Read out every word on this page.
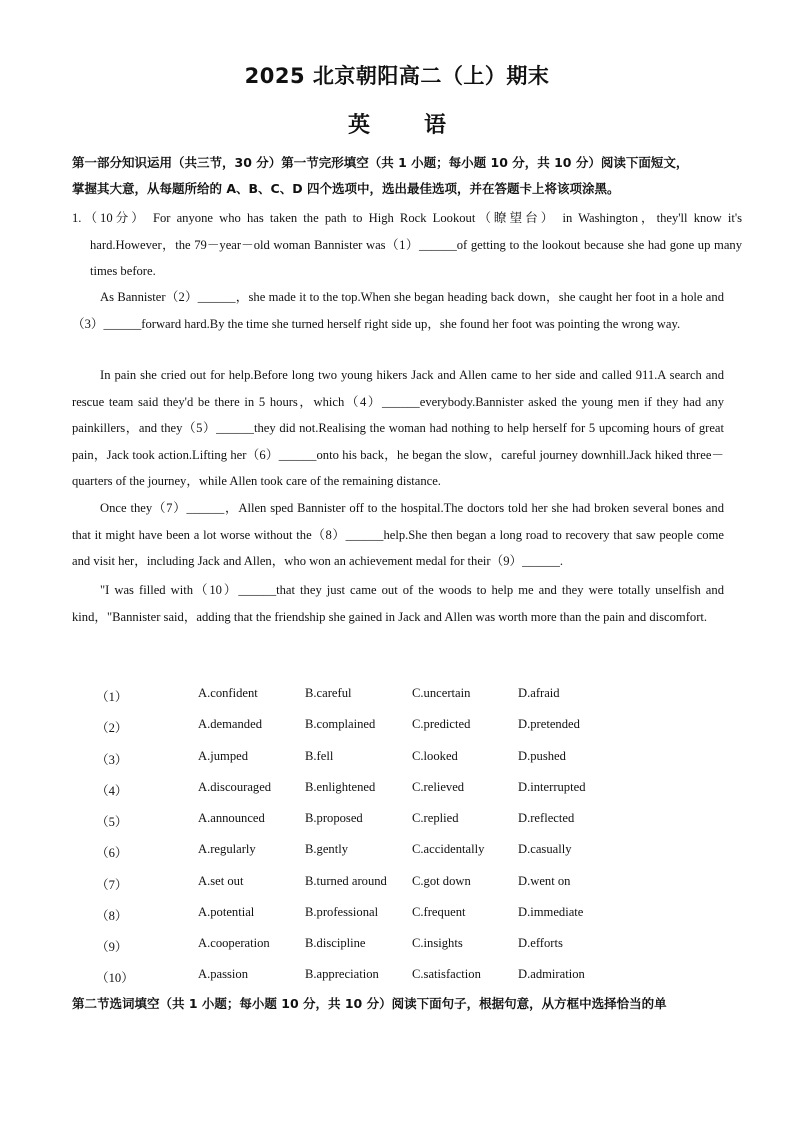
2025 北京朝阳高二（上）期末
英 语
第一部分知识运用（共三节，30 分）第一节完形填空（共 1 小题；每小题 10 分，共 10 分）阅读下面短文，
掌握其大意，从每题所给的 A、B、C、D 四个选项中，选出最佳选项，并在答题卡上将该项涂黑。
1.（10分） For anyone who has taken the path to High Rock Lookout（瞭望台） in Washington，they'll know it's hard.However，the 79－year－old woman Bannister was（1）______of getting to the lookout because she had gone up many times before.
As Bannister（2）______，she made it to the top.When she began heading back down，she caught her foot in a hole and（3）______forward hard.By the time she turned herself right side up，she found her foot was pointing the wrong way.
In pain she cried out for help.Before long two young hikers Jack and Allen came to her side and called 911.A search and rescue team said they'd be there in 5 hours，which（4）______everybody.Bannister asked the young men if they had any painkillers，and they（5）______they did not.Realising the woman had nothing to help herself for 5 upcoming hours of great pain，Jack took action.Lifting her（6）______onto his back，he began the slow，careful journey downhill.Jack hiked three－quarters of the journey，while Allen took care of the remaining distance.
Once they（7）______，Allen sped Bannister off to the hospital.The doctors told her she had broken several bones and that it might have been a lot worse without the（8）______help.She then began a long road to recovery that saw people come and visit her，including Jack and Allen，who won an achievement medal for their（9）______.
"I was filled with（10）______that they just came out of the woods to help me and they were totally unselfish and kind，"Bannister said，adding that the friendship she gained in Jack and Allen was worth more than the pain and discomfort.
（1）	A.confident	B.careful	C.uncertain	D.afraid
（2）	A.demanded	B.complained	C.predicted	D.pretended
（3）	A.jumped	B.fell	C.looked	D.pushed
（4）	A.discouraged	B.enlightened	C.relieved	D.interrupted
（5）	A.announced	B.proposed	C.replied	D.reflected
（6）	A.regularly	B.gently	C.accidentally	D.casually
（7）	A.set out	B.turned around C.got down	D.went on
（8）	A.potential	B.professional	C.frequent	D.immediate
（9）	A.cooperation	B.discipline	C.insights	D.efforts
（10）	A.passion	B.appreciation	C.satisfaction	D.admiration
第二节选词填空（共 1 小题；每小题 10 分，共 10 分）阅读下面句子，根据句意，从方框中选择恰当的单
